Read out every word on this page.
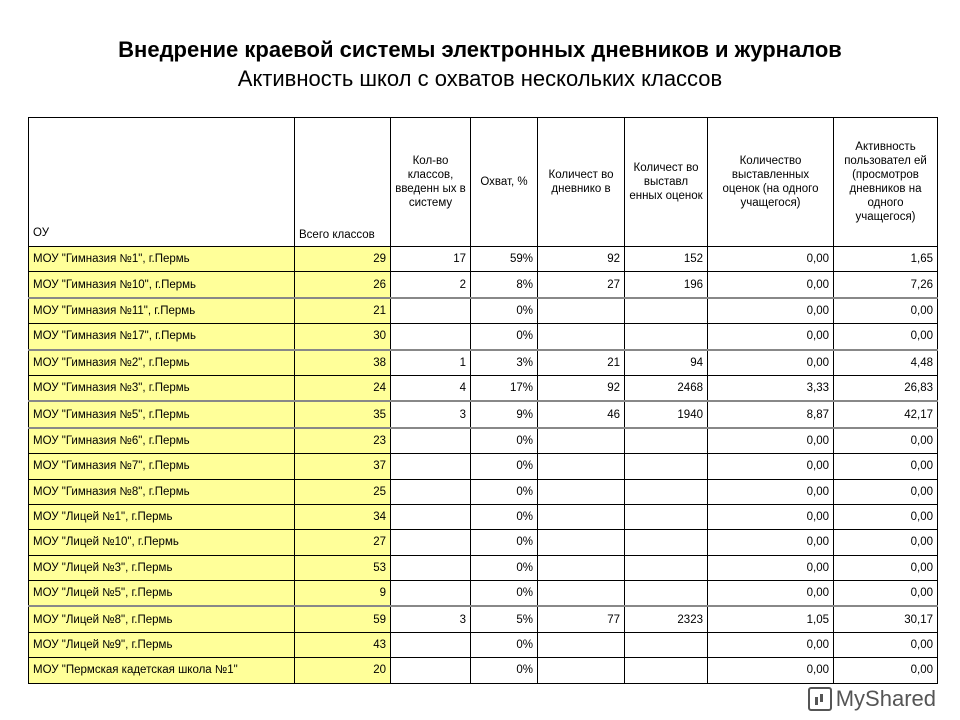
Внедрение краевой системы электронных дневников и журналов
Активность школ с охватов нескольких классов
ОУ	Всего классов	Кол-во классов, введенн ых в систему	Охват, %	Количест во дневнико в	Количест во выставл енных оценок	Количество выставленных оценок (на одного учащегося)	Активность пользовател ей (просмотров дневников на одного учащегося)
МОУ "Гимназия №1", г.Пермь	29	17	59%	92	152	0,00	1,65
МОУ "Гимназия №10", г.Пермь	26	2	8%	27	196	0,00	7,26
МОУ "Гимназия №11", г.Пермь	21		0%			0,00	0,00
МОУ "Гимназия №17", г.Пермь	30		0%			0,00	0,00
МОУ "Гимназия №2", г.Пермь	38	1	3%	21	94	0,00	4,48
МОУ "Гимназия №3", г.Пермь	24	4	17%	92	2468	3,33	26,83
МОУ "Гимназия №5", г.Пермь	35	3	9%	46	1940	8,87	42,17
МОУ "Гимназия №6", г.Пермь	23		0%			0,00	0,00
МОУ "Гимназия №7", г.Пермь	37		0%			0,00	0,00
МОУ "Гимназия №8", г.Пермь	25		0%			0,00	0,00
МОУ "Лицей №1", г.Пермь	34		0%			0,00	0,00
МОУ "Лицей №10", г.Пермь	27		0%			0,00	0,00
МОУ "Лицей №3", г.Пермь	53		0%			0,00	0,00
МОУ "Лицей №5", г.Пермь	9		0%			0,00	0,00
МОУ "Лицей №8", г.Пермь	59	3	5%	77	2323	1,05	30,17
МОУ "Лицей №9", г.Пермь	43		0%			0,00	0,00
МОУ "Пермская кадетская школа №1"	20		0%			0,00	0,00
MyShared
